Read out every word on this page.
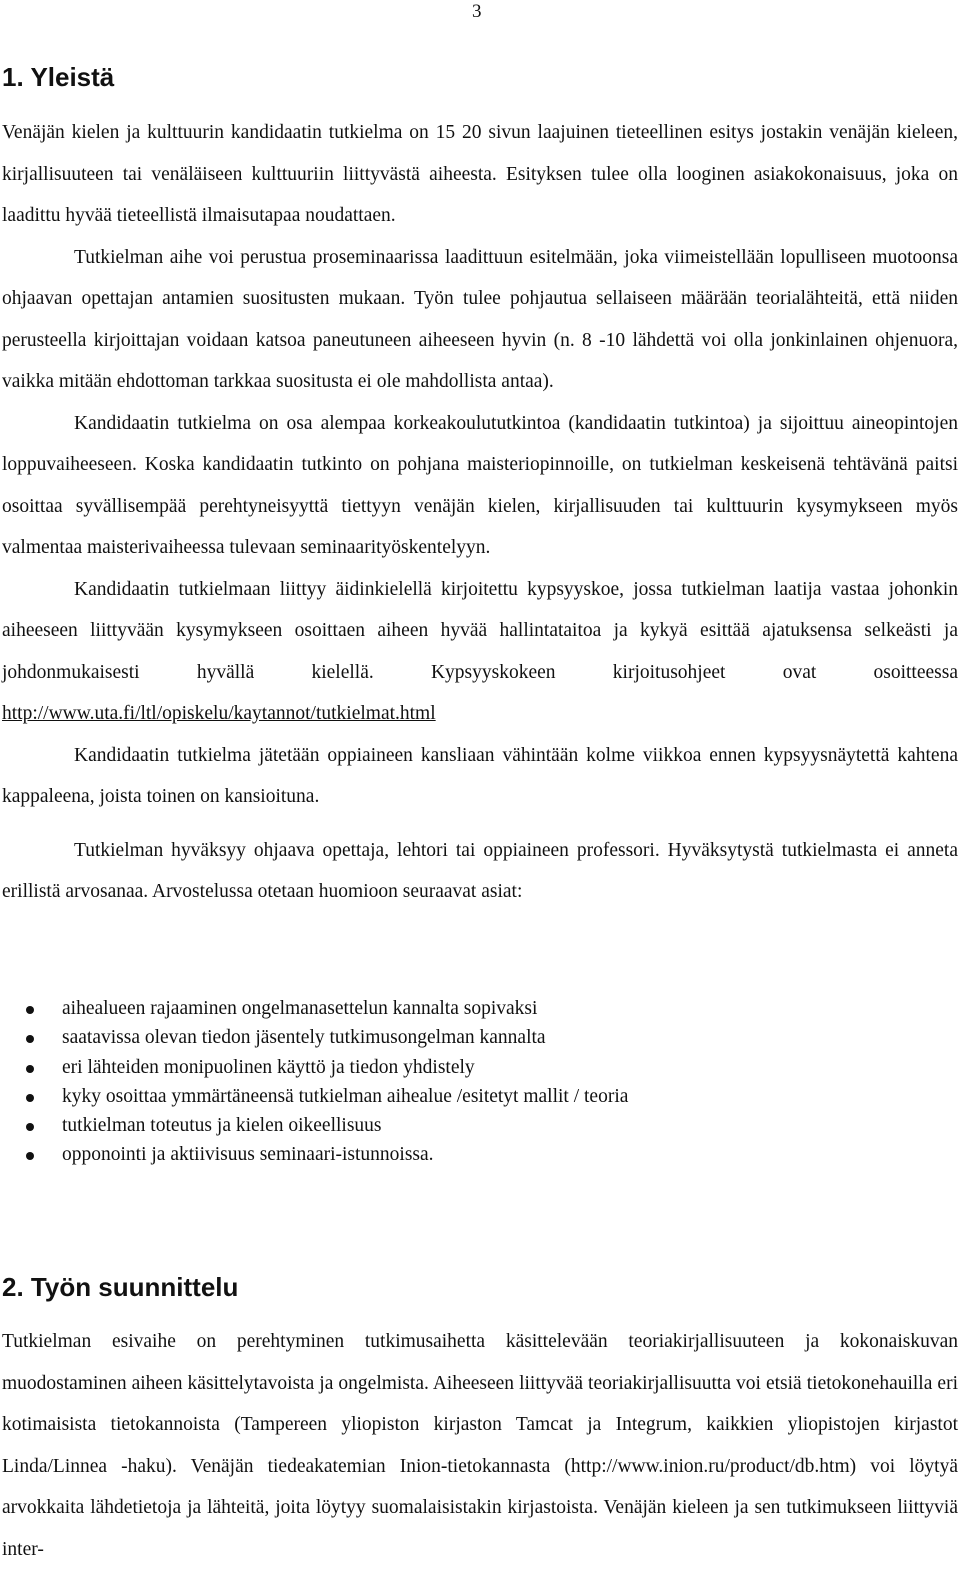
3
1. Yleistä

Venäjän kielen ja kulttuurin kandidaatin tutkielma on 15 20 sivun laajuinen tieteellinen esitys jostakin venäjän kieleen, kirjallisuuteen tai venäläiseen kulttuuriin liittyvästä aiheesta. Esityksen tulee olla looginen asiakokonaisuus, joka on laadittu hyvää tieteellistä ilmaisutapaa noudattaen.

Tutkielman aihe voi perustua proseminaarissa laadittuun esitelmään, joka viimeistellään lopulliseen muotoonsa ohjaavan opettajan antamien suositusten mukaan. Työn tulee pohjautua sellaiseen määrään teorialähteitä, että niiden perusteella kirjoittajan voidaan katsoa paneutuneen aiheeseen hyvin (n. 8 -10 lähdettä voi olla jonkinlainen ohjenuora, vaikka mitään ehdottoman tarkkaa suositusta ei ole mahdollista antaa).

Kandidaatin tutkielma on osa alempaa korkeakoulututkintoa (kandidaatin tutkintoa) ja sijoittuu aineopintojen loppuvaiheeseen. Koska kandidaatin tutkinto on pohjana maisteriopinnoille, on tutkielman keskeisenä tehtävänä paitsi osoittaa syvällisempää perehtyneisyyttä tiettyyn venäjän kielen, kirjallisuuden tai kulttuurin kysymykseen myös valmentaa maisterivaiheessa tulevaan seminaarityöskentelyyn.

Kandidaatin tutkielmaan liittyy äidinkielellä kirjoitettu kypsyyskoe, jossa tutkielman laatija vastaa johonkin aiheeseen liittyvään kysymykseen osoittaen aiheen hyvää hallintataitoa ja kykyä esittää ajatuksensa selkeästi ja johdonmukaisesti hyvällä kielellä. Kypsyyskokeen kirjoitusohjeet ovat osoitteessa http://www.uta.fi/ltl/opiskelu/kaytannot/tutkielmat.html

Kandidaatin tutkielma jätetään oppiaineen kansliaan vähintään kolme viikkoa ennen kypsyysnäytettä kahtena kappaleena, joista toinen on kansioituna.

Tutkielman hyväksyy ohjaava opettaja, lehtori tai oppiaineen professori. Hyväksytystä tutkielmasta ei anneta erillistä arvosanaa. Arvostelussa otetaan huomioon seuraavat asiat:

aihealueen rajaaminen ongelmanasettelun kannalta sopivaksi
saatavissa olevan tiedon jäsentely tutkimusongelman kannalta
eri lähteiden monipuolinen käyttö ja tiedon yhdistely
kyky osoittaa ymmärtäneensä tutkielman aihealue /esitetyt mallit / teoria
tutkielman toteutus ja kielen oikeellisuus
opponointi ja aktiivisuus seminaari-istunnoissa.
2. Työn suunnittelu

Tutkielman esivaihe on perehtyminen tutkimusaihetta käsittelevään teoriakirjallisuuteen ja kokonaiskuvan muodostaminen aiheen käsittelytavoista ja ongelmista. Aiheeseen liittyvää teoriakirjallisuutta voi etsiä tietokonehauilla eri kotimaisista tietokannoista (Tampereen yliopiston kirjaston Tamcat ja Integrum, kaikkien yliopistojen kirjastot Linda/Linnea -haku). Venäjän tiedeakatemian Inion-tietokannasta (http://www.inion.ru/product/db.htm) voi löytyä arvokkaita lähdetietoja ja lähteitä, joita löytyy suomalaisistakin kirjastoista. Venäjän kieleen ja sen tutkimukseen liittyviä inter-
